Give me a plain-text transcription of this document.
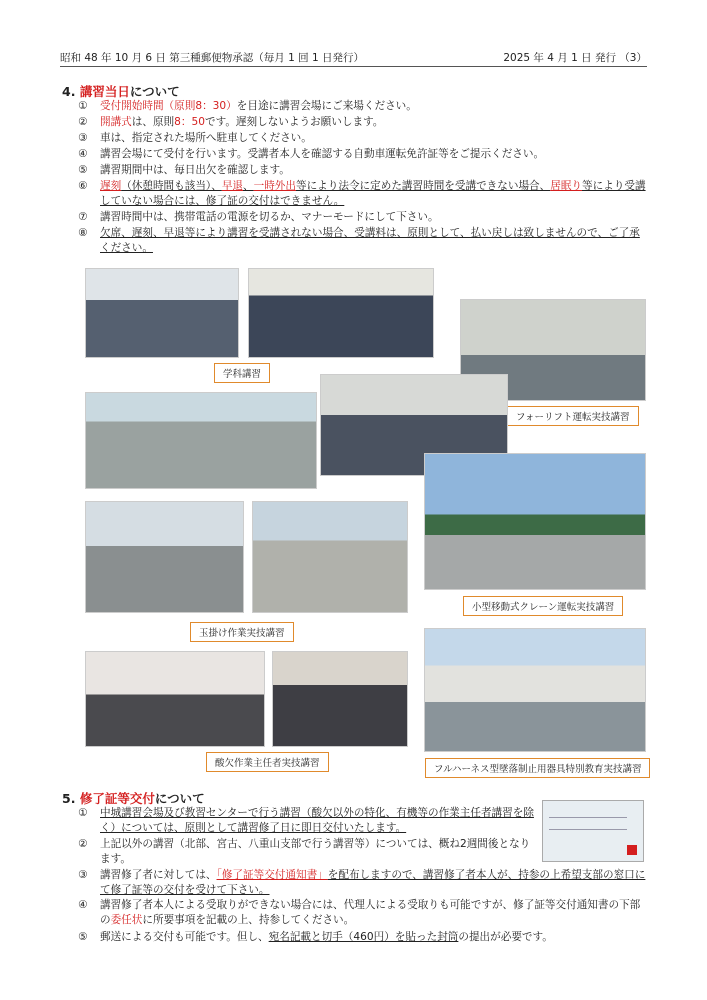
昭和 48 年 10 月 6 日 第三種郵便物承認（毎月 1 回 1 日発行）	2025 年 4 月 1 日 発行 （3）
4. 講習当日について
①	受付開始時間（原則8：30）を目途に講習会場にご来場ください。
②	開講式は、原則8：50です。遅刻しないようお願いします。
③	車は、指定された場所へ駐車してください。
④	講習会場にて受付を行います。受講者本人を確認する自動車運転免許証等をご提示ください。
⑤	講習期間中は、毎日出欠を確認します。
⑥	遅刻（休憩時間も該当）、早退、一時外出等により法令に定めた講習時間を受講できない場合、居眠り等により受講していない場合には、修了証の交付はできません。
⑦	講習時間中は、携帯電話の電源を切るか、マナーモードにして下さい。
⑧	欠席、遅刻、早退等により講習を受講されない場合、受講料は、原則として、払い戻しは致しませんので、ご了承ください。
学科講習
フォーリフト運転実技講習
小型移動式クレーン運転実技講習
玉掛け作業実技講習
酸欠作業主任者実技講習
フルハーネス型墜落制止用器具特別教育実技講習
5. 修了証等交付について
①	中城講習会場及び教習センターで行う講習（酸欠以外の特化、有機等の作業主任者講習を除く）については、原則として講習修了日に即日交付いたします。
②	上記以外の講習（北部、宮古、八重山支部で行う講習等）については、概ね2週間後となります。
③	講習修了者に対しては、「修了証等交付通知書」を配布しますので、講習修了者本人が、持参の上希望支部の窓口にて修了証等の交付を受けて下さい。
④	講習修了者本人による受取りができない場合には、代理人による受取りも可能ですが、修了証等交付通知書の下部の委任状に所要事項を記載の上、持参してください。
⑤	郵送による交付も可能です。但し、宛名記載と切手（460円）を貼った封筒の提出が必要です。
